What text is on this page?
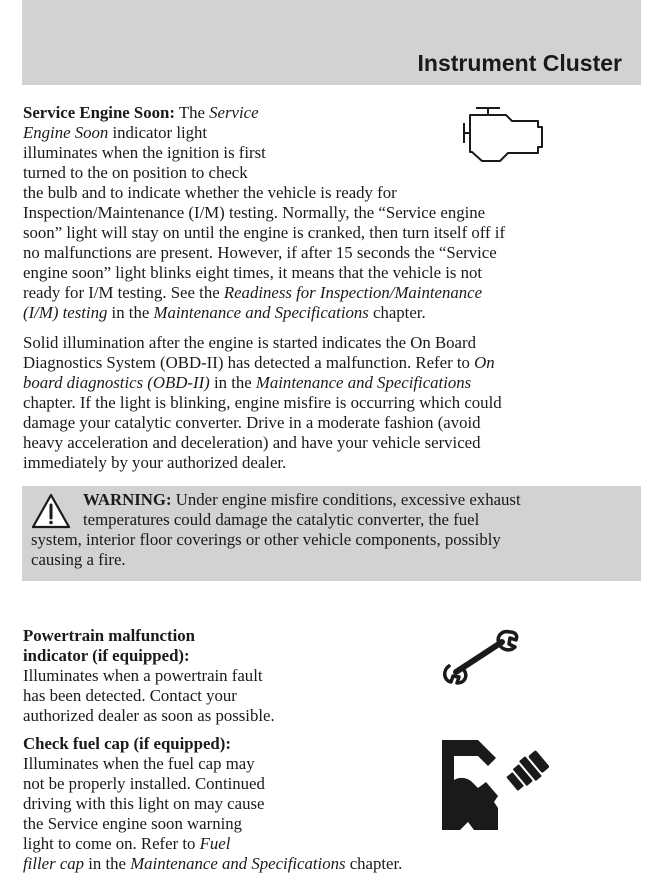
Instrument Cluster
Service Engine Soon: The Service
Engine Soon indicator light
illuminates when the ignition is first
turned to the on position to check
the bulb and to indicate whether the vehicle is ready for
Inspection/Maintenance (I/M) testing. Normally, the “Service engine
soon” light will stay on until the engine is cranked, then turn itself off if
no malfunctions are present. However, if after 15 seconds the “Service
engine soon” light blinks eight times, it means that the vehicle is not
ready for I/M testing. See the Readiness for Inspection/Maintenance
(I/M) testing in the Maintenance and Specifications chapter.
Solid illumination after the engine is started indicates the On Board
Diagnostics System (OBD-II) has detected a malfunction. Refer to On
board diagnostics (OBD-II) in the Maintenance and Specifications
chapter. If the light is blinking, engine misfire is occurring which could
damage your catalytic converter. Drive in a moderate fashion (avoid
heavy acceleration and deceleration) and have your vehicle serviced
immediately by your authorized dealer.
WARNING: Under engine misfire conditions, excessive exhaust
temperatures could damage the catalytic converter, the fuel
system, interior floor coverings or other vehicle components, possibly
causing a fire.
Powertrain malfunction
indicator (if equipped):
Illuminates when a powertrain fault
has been detected. Contact your
authorized dealer as soon as possible.
Check fuel cap (if equipped):
Illuminates when the fuel cap may
not be properly installed. Continued
driving with this light on may cause
the Service engine soon warning
light to come on. Refer to Fuel
filler cap in the Maintenance and Specifications chapter.
